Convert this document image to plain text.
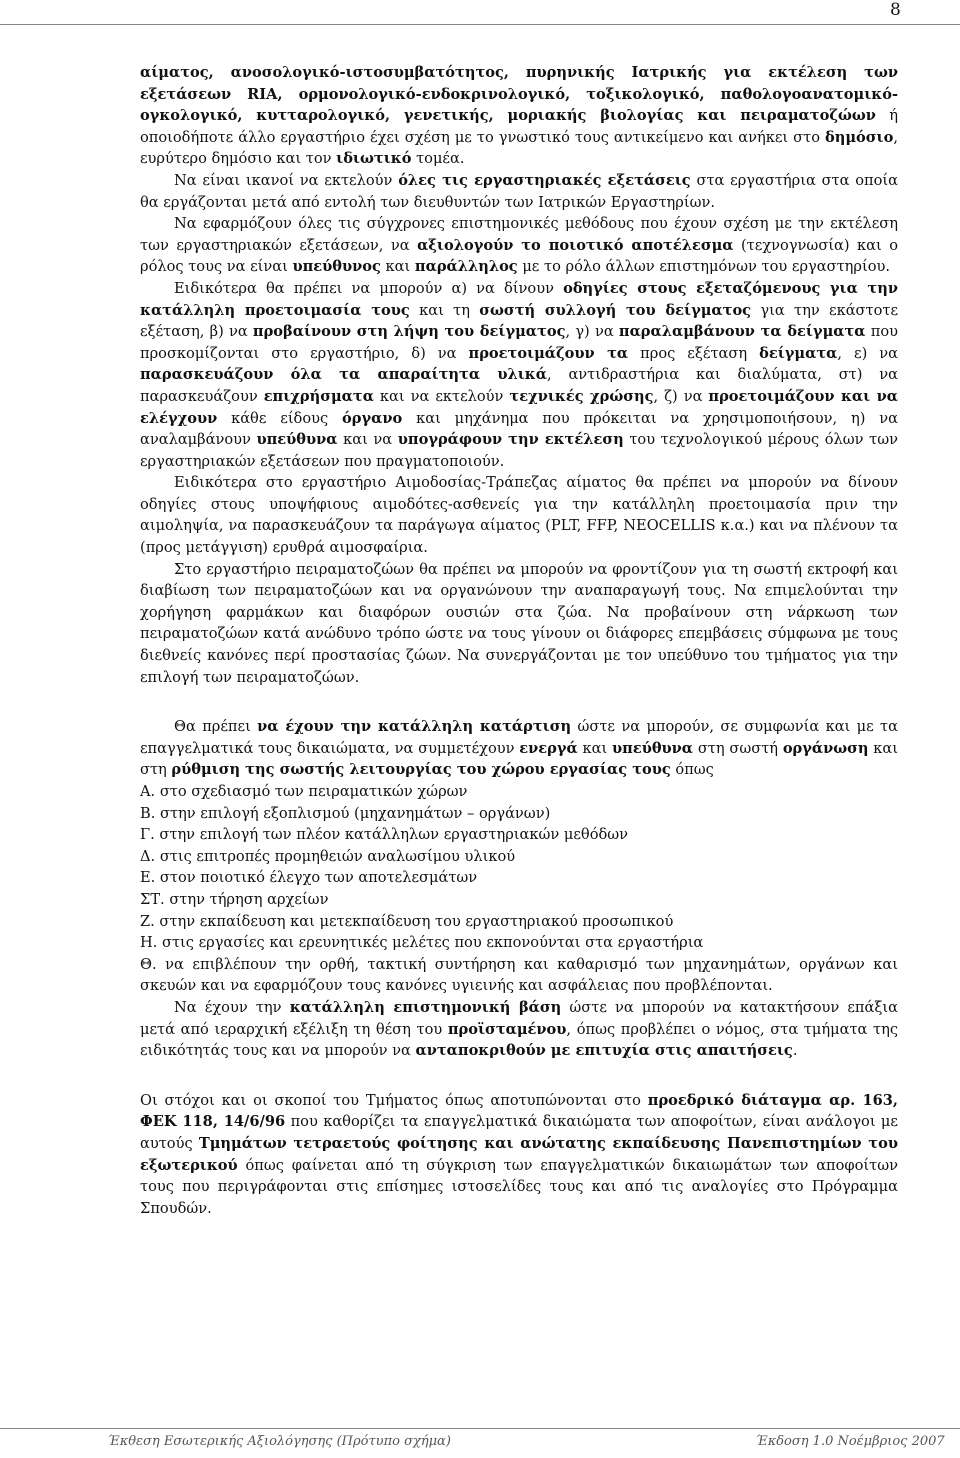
8

αίματος, ανοσολογικό-ιστοσυμβατότητος, πυρηνικής Ιατρικής για εκτέλεση των εξετάσεων RIA, ορμονολογικό-ενδοκρινολογικό, τοξικολογικό, παθολογοανατομικό-ογκολογικό, κυτταρολογικό, γενετικής, μοριακής βιολογίας και πειραματοζώων ή οποιοδήποτε άλλο εργαστήριο έχει σχέση με το γνωστικό τους αντικείμενο και ανήκει στο δημόσιο, ευρύτερο δημόσιο και τον ιδιωτικό τομέα.

Να είναι ικανοί να εκτελούν όλες τις εργαστηριακές εξετάσεις στα εργαστήρια στα οποία θα εργάζονται μετά από εντολή των διευθυντών των Ιατρικών Εργαστηρίων.

Να εφαρμόζουν όλες τις σύγχρονες επιστημονικές μεθόδους που έχουν σχέση με την εκτέλεση των εργαστηριακών εξετάσεων, να αξιολογούν το ποιοτικό αποτέλεσμα (τεχνογνωσία) και ο ρόλος τους να είναι υπεύθυνος και παράλληλος με το ρόλο άλλων επιστημόνων του εργαστηρίου.

Ειδικότερα θα πρέπει να μπορούν α) να δίνουν οδηγίες στους εξεταζόμενους για την κατάλληλη προετοιμασία τους και τη σωστή συλλογή του δείγματος για την εκάστοτε εξέταση, β) να προβαίνουν στη λήψη του δείγματος, γ) να παραλαμβάνουν τα δείγματα που προσκομίζονται στο εργαστήριο, δ) να προετοιμάζουν τα προς εξέταση δείγματα, ε) να παρασκευάζουν όλα τα απαραίτητα υλικά, αντιδραστήρια και διαλύματα, στ) να παρασκευάζουν επιχρήσματα και να εκτελούν τεχνικές χρώσης, ζ) να προετοιμάζουν και να ελέγχουν κάθε είδους όργανο και μηχάνημα που πρόκειται να χρησιμοποιήσουν, η) να αναλαμβάνουν υπεύθυνα και να υπογράφουν την εκτέλεση του τεχνολογικού μέρους όλων των εργαστηριακών εξετάσεων που πραγματοποιούν.

Ειδικότερα στο εργαστήριο Αιμοδοσίας-Τράπεζας αίματος θα πρέπει να μπορούν να δίνουν οδηγίες στους υποψήφιους αιμοδότες-ασθενείς για την κατάλληλη προετοιμασία πριν την αιμοληψία, να παρασκευάζουν τα παράγωγα αίματος (PLT, FFP, NEOCELLIS κ.α.) και να πλένουν τα (προς μετάγγιση) ερυθρά αιμοσφαίρια.

Στο εργαστήριο πειραματοζώων θα πρέπει να μπορούν να φροντίζουν για τη σωστή εκτροφή και διαβίωση των πειραματοζώων και να οργανώνουν την αναπαραγωγή τους. Να επιμελούνται την χορήγηση φαρμάκων και διαφόρων ουσιών στα ζώα. Να προβαίνουν στη νάρκωση των πειραματοζώων κατά ανώδυνο τρόπο ώστε να τους γίνουν οι διάφορες επεμβάσεις σύμφωνα με τους διεθνείς κανόνες περί προστασίας ζώων. Να συνεργάζονται με τον υπεύθυνο του τμήματος για την επιλογή των πειραματοζώων.

Θα πρέπει να έχουν την κατάλληλη κατάρτιση ώστε να μπορούν, σε συμφωνία και με τα επαγγελματικά τους δικαιώματα, να συμμετέχουν ενεργά και υπεύθυνα στη σωστή οργάνωση και στη ρύθμιση της σωστής λειτουργίας του χώρου εργασίας τους όπως

Α. στο σχεδιασμό των πειραματικών χώρων

Β. στην επιλογή εξοπλισμού (μηχανημάτων – οργάνων)

Γ. στην επιλογή των πλέον κατάλληλων εργαστηριακών μεθόδων

Δ. στις επιτροπές προμηθειών αναλωσίμου υλικού

Ε. στον ποιοτικό έλεγχο των αποτελεσμάτων

ΣΤ. στην τήρηση αρχείων

Ζ. στην εκπαίδευση και μετεκπαίδευση του εργαστηριακού προσωπικού

Η. στις εργασίες και ερευνητικές μελέτες που εκπονούνται στα εργαστήρια

Θ. να επιβλέπουν την ορθή, τακτική συντήρηση και καθαρισμό των μηχανημάτων, οργάνων και σκευών και να εφαρμόζουν τους κανόνες υγιεινής και ασφάλειας που προβλέπονται.

Να έχουν την κατάλληλη επιστημονική βάση ώστε να μπορούν να κατακτήσουν επάξια μετά από ιεραρχική εξέλιξη τη θέση του προϊσταμένου, όπως προβλέπει ο νόμος, στα τμήματα της ειδικότητάς τους και να μπορούν να ανταποκριθούν με επιτυχία στις απαιτήσεις.

Οι στόχοι και οι σκοποί του Τμήματος όπως αποτυπώνονται στο προεδρικό διάταγμα αρ. 163, ΦΕΚ 118, 14/6/96 που καθορίζει τα επαγγελματικά δικαιώματα των αποφοίτων, είναι ανάλογοι με αυτούς Τμημάτων τετραετούς φοίτησης και ανώτατης εκπαίδευσης Πανεπιστημίων του εξωτερικού όπως φαίνεται από τη σύγκριση των επαγγελματικών δικαιωμάτων των αποφοίτων τους που περιγράφονται στις επίσημες ιστοσελίδες τους και από τις αναλογίες στο Πρόγραμμα Σπουδών.

Έκθεση Εσωτερικής Αξιολόγησης (Πρότυπο σχήμα)	Έκδοση 1.0 Νοέμβριος 2007
